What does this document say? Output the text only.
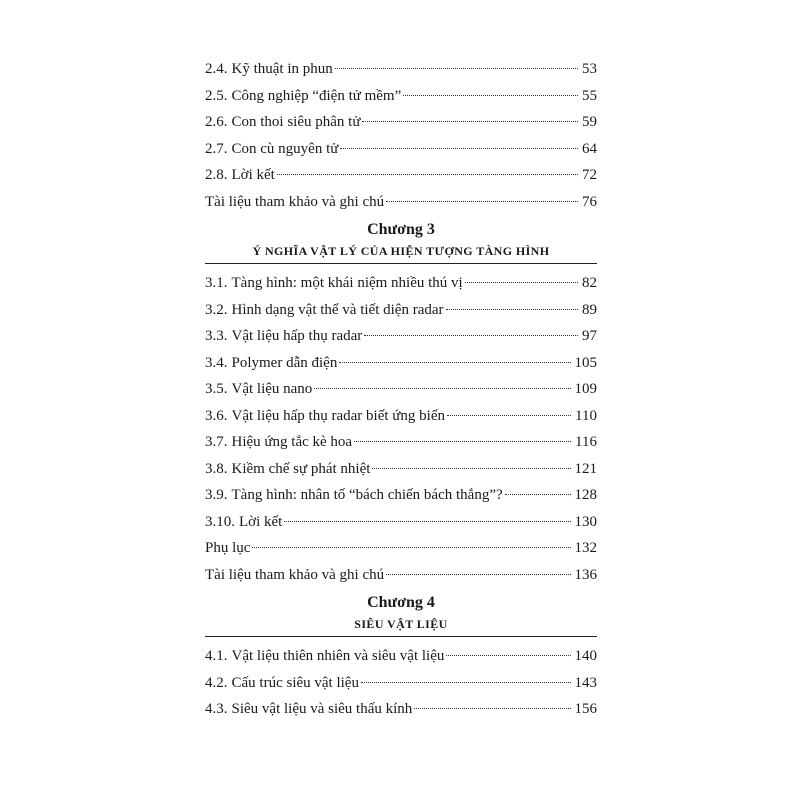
2.4. Kỹ thuật in phun	53
2.5. Công nghiệp “điện tử mềm”	55
2.6. Con thoi siêu phân tử	59
2.7. Con cù nguyên tử	64
2.8. Lời kết	72
Tài liệu tham khảo và ghi chú	76
Chương 3
Ý NGHĨA VẬT LÝ CỦA HIỆN TƯỢNG TÀNG HÌNH
3.1. Tàng hình: một khái niệm nhiều thú vị	82
3.2. Hình dạng vật thể và tiết diện radar	89
3.3. Vật liệu hấp thụ radar	97
3.4. Polymer dẫn điện	105
3.5. Vật liệu nano	109
3.6. Vật liệu hấp thụ radar biết ứng biến	110
3.7. Hiệu ứng tắc kè hoa	116
3.8. Kiềm chế sự phát nhiệt	121
3.9. Tàng hình: nhân tố “bách chiến bách thắng”?	128
3.10. Lời kết	130
Phụ lục	132
Tài liệu tham khảo và ghi chú	136
Chương 4
SIÊU VẬT LIỆU
4.1. Vật liệu thiên nhiên và siêu vật liệu	140
4.2. Cấu trúc siêu vật liệu	143
4.3. Siêu vật liệu và siêu thấu kính	156
